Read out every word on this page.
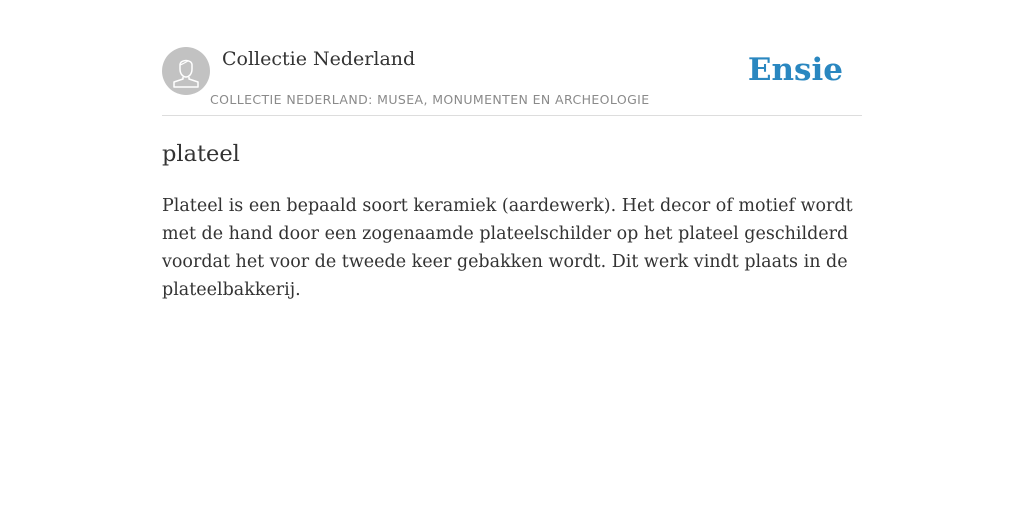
Collectie Nederland
COLLECTIE NEDERLAND: MUSEA, MONUMENTEN EN ARCHEOLOGIE
Ensie
plateel

Plateel is een bepaald soort keramiek (aardewerk). Het decor of motief wordt met de hand door een zogenaamde plateelschilder op het plateel geschilderd voordat het voor de tweede keer gebakken wordt. Dit werk vindt plaats in de plateelbakkerij.
